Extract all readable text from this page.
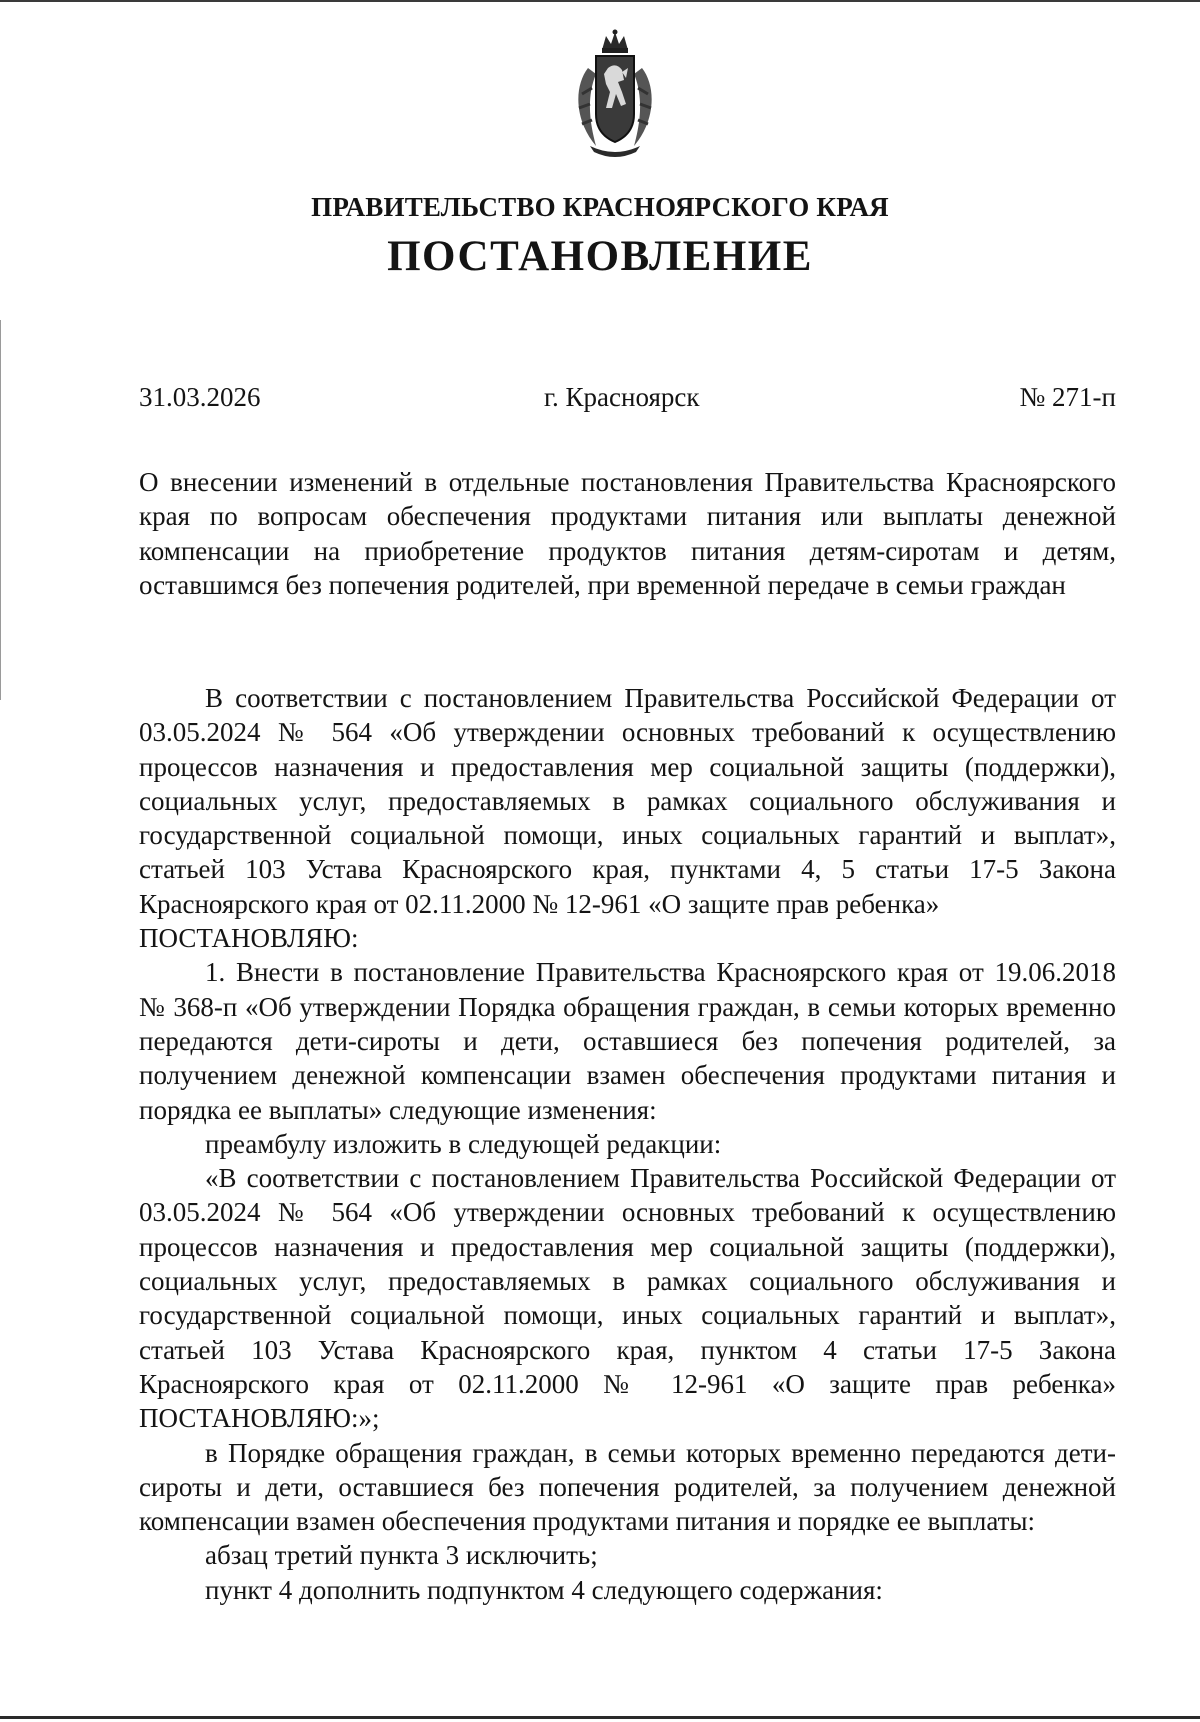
ПРАВИТЕЛЬСТВО КРАСНОЯРСКОГО КРАЯ
ПОСТАНОВЛЕНИЕ
31.03.2026	г. Красноярск	№ 271-п
О внесении изменений в отдельные постановления Правительства Красноярского края по вопросам обеспечения продуктами питания или выплаты денежной компенсации на приобретение продуктов питания детям-сиротам и детям, оставшимся без попечения родителей, при временной передаче в семьи граждан

В соответствии с постановлением Правительства Российской Федерации от 03.05.2024 № 564 «Об утверждении основных требований к осуществлению процессов назначения и предоставления мер социальной защиты (поддержки), социальных услуг, предоставляемых в рамках социального обслуживания и государственной социальной помощи, иных социальных гарантий и выплат», статьей 103 Устава Красноярского края, пунктами 4, 5 статьи 17-5 Закона Красноярского края от 02.11.2000 № 12-961 «О защите прав ребенка»

ПОСТАНОВЛЯЮ:

1. Внести в постановление Правительства Красноярского края от 19.06.2018 № 368-п «Об утверждении Порядка обращения граждан, в семьи которых временно передаются дети-сироты и дети, оставшиеся без попечения родителей, за получением денежной компенсации взамен обеспечения продуктами питания и порядка ее выплаты» следующие изменения:

преамбулу изложить в следующей редакции:

«В соответствии с постановлением Правительства Российской Федерации от 03.05.2024 № 564 «Об утверждении основных требований к осуществлению процессов назначения и предоставления мер социальной защиты (поддержки), социальных услуг, предоставляемых в рамках социального обслуживания и государственной социальной помощи, иных социальных гарантий и выплат», статьей 103 Устава Красноярского края, пунктом 4 статьи 17-5 Закона Красноярского края от 02.11.2000 № 12-961 «О защите прав ребенка» ПОСТАНОВЛЯЮ:»;

в Порядке обращения граждан, в семьи которых временно передаются дети-сироты и дети, оставшиеся без попечения родителей, за получением денежной компенсации взамен обеспечения продуктами питания и порядке ее выплаты:

абзац третий пункта 3 исключить;

пункт 4 дополнить подпунктом 4 следующего содержания:
